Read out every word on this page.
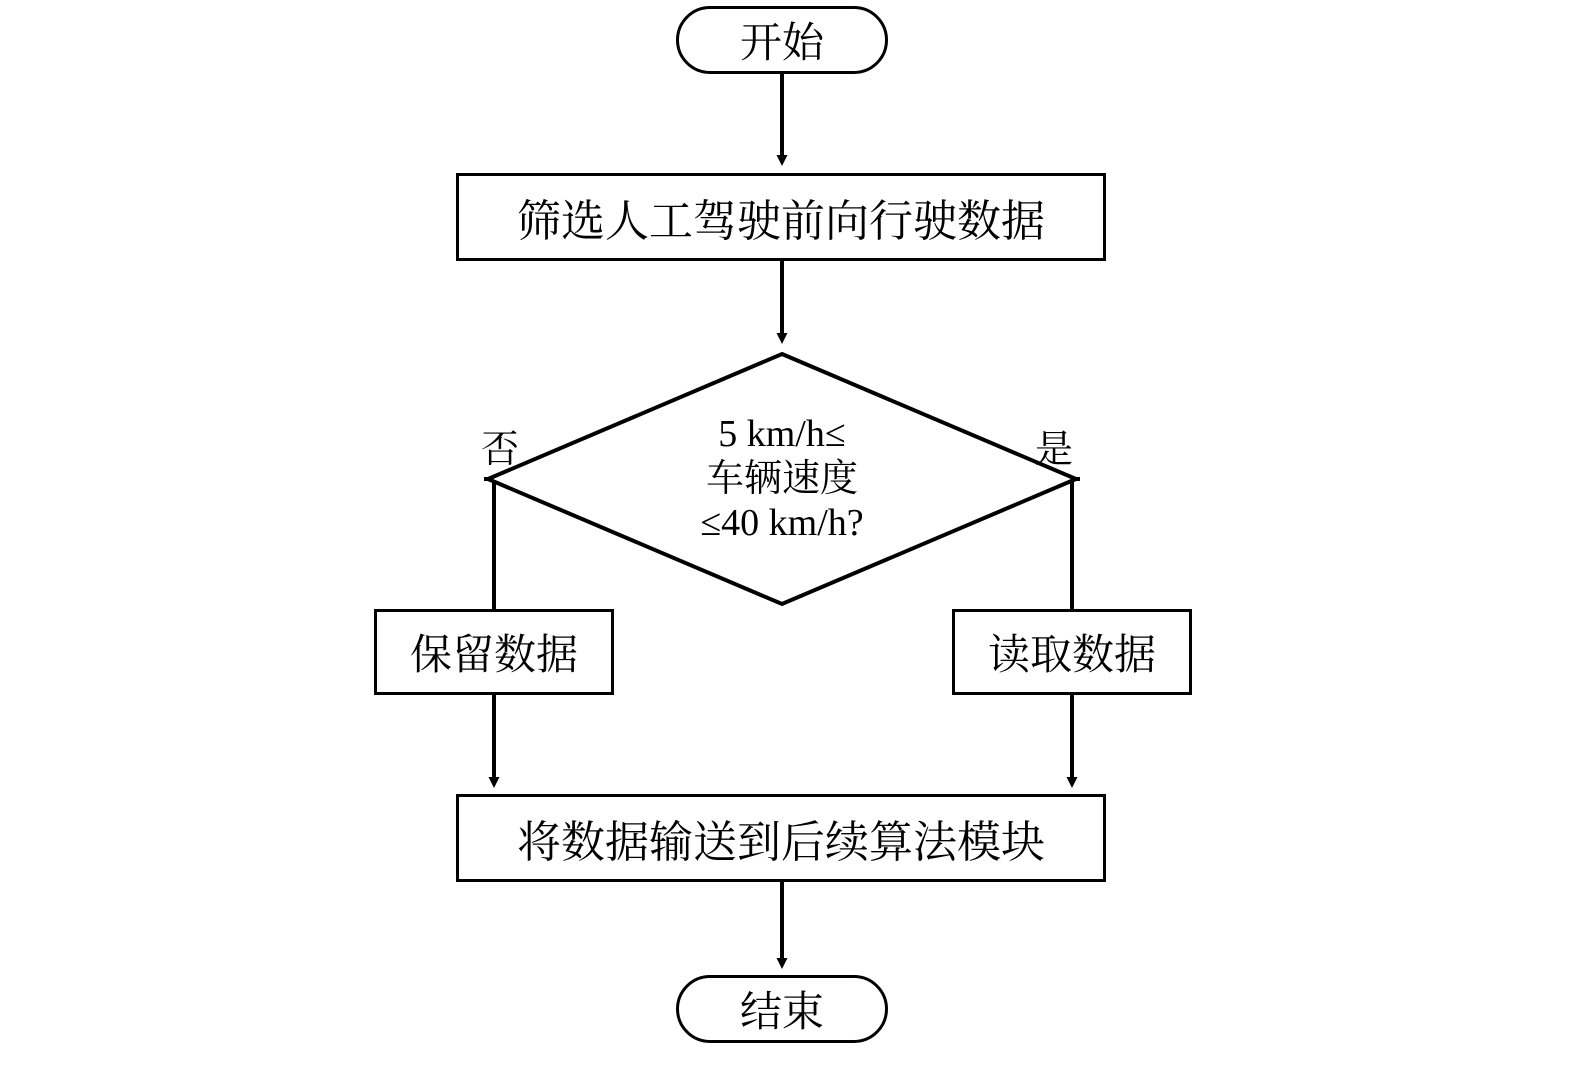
开始
筛选人工驾驶前向行驶数据
5 km/h≤
车辆速度
≤40 km/h?
否	是
保留数据	读取数据
将数据输送到后续算法模块
结束
